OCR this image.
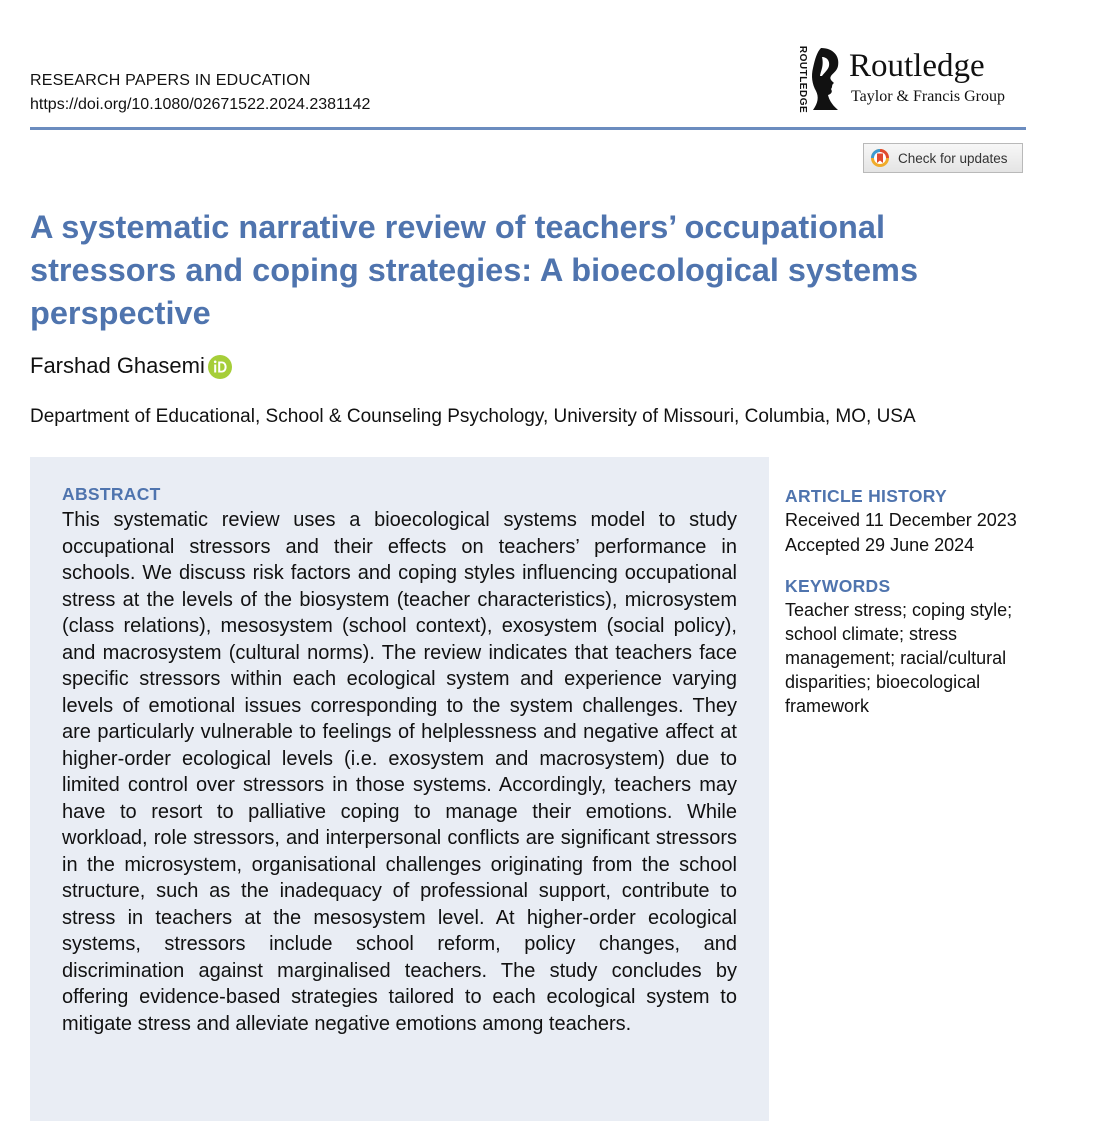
RESEARCH PAPERS IN EDUCATION
https://doi.org/10.1080/02671522.2024.2381142	ROUTLEDGE Routledge
Taylor & Francis Group
Check for updates
A systematic narrative review of teachers’ occupational stressors and coping strategies: A bioecological systems perspective
Farshad Ghasemi
Department of Educational, School & Counseling Psychology, University of Missouri, Columbia, MO, USA
ABSTRACT

This systematic review uses a bioecological systems model to study occupational stressors and their effects on teachers’ performance in schools. We discuss risk factors and coping styles influencing occupational stress at the levels of the biosystem (teacher characteristics), microsystem (class relations), mesosystem (school context), exosystem (social policy), and macrosystem (cultural norms). The review indicates that teachers face specific stressors within each ecological system and experience varying levels of emotional issues corresponding to the system challenges. They are particularly vulnerable to feelings of helplessness and negative affect at higher-order ecological levels (i.e. exosystem and macrosystem) due to limited control over stressors in those systems. Accordingly, teachers may have to resort to palliative coping to manage their emotions. While workload, role stressors, and interpersonal conflicts are significant stressors in the microsystem, organisational challenges originating from the school structure, such as the inadequacy of professional support, contribute to stress in teachers at the mesosystem level. At higher-order ecological systems, stressors include school reform, policy changes, and discrimination against marginalised teachers. The study concludes by offering evidence-based strategies tailored to each ecological system to mitigate stress and alleviate negative emotions among teachers.

ARTICLE HISTORY
Received 11 December 2023
Accepted 29 June 2024
KEYWORDS

Teacher stress; coping style; school climate; stress management; racial/cultural disparities; bioecological framework
